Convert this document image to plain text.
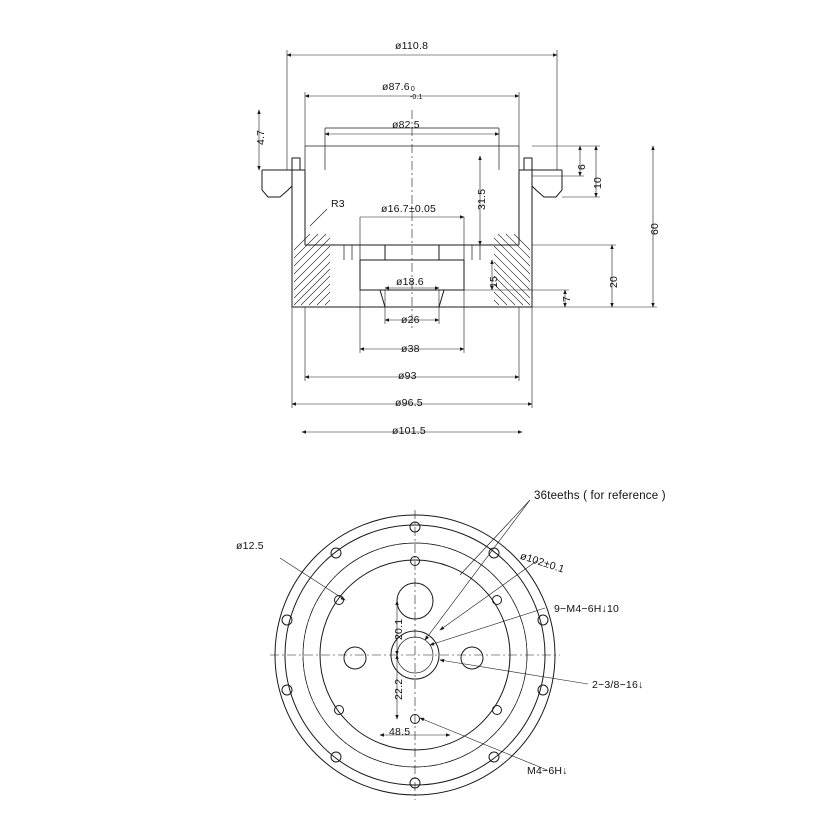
ø110.8
ø87.6 0
-0.1
ø82.5
4.7
R3	ø16.7±0.05	31.5
6
10
60
20
7
15
ø18.6
ø26
ø38
ø93
ø96.5
ø101.5
36teeths ( for reference )
ø12.5
ø102±0.1
9−M4−6H↓10
2−3/8−16↓
M4−6H↓
20.1
22.2
48.5
